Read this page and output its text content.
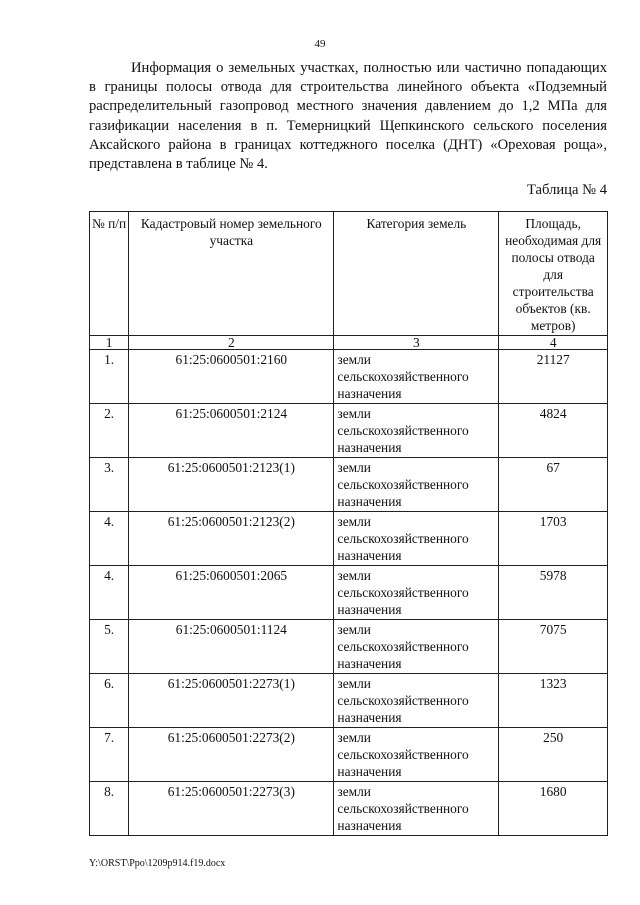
49

Информация о земельных участках, полностью или частично попадающих в границы полосы отвода для строительства линейного объекта «Подземный распределительный газопровод местного значения давлением до 1,2 МПа для газификации населения в п. Темерницкий Щепкинского сельского поселения Аксайского района в границах коттеджного поселка (ДНТ) «Ореховая роща», представлена в таблице № 4.

Таблица № 4
№ п/п	Кадастровый номер земельного участка	Категория земель	Площадь, необходимая для полосы отвода для строительства объектов (кв. метров)
1	2	3	4
1.	61:25:0600501:2160	земли сельскохозяйственного назначения	21127
2.	61:25:0600501:2124	земли сельскохозяйственного назначения	4824
3.	61:25:0600501:2123(1)	земли сельскохозяйственного назначения	67
4.	61:25:0600501:2123(2)	земли сельскохозяйственного назначения	1703
4.	61:25:0600501:2065	земли сельскохозяйственного назначения	5978
5.	61:25:0600501:1124	земли сельскохозяйственного назначения	7075
6.	61:25:0600501:2273(1)	земли сельскохозяйственного назначения	1323
7.	61:25:0600501:2273(2)	земли сельскохозяйственного назначения	250
8.	61:25:0600501:2273(3)	земли сельскохозяйственного назначения	1680
Y:\ORST\Ppo\1209p914.f19.docx
